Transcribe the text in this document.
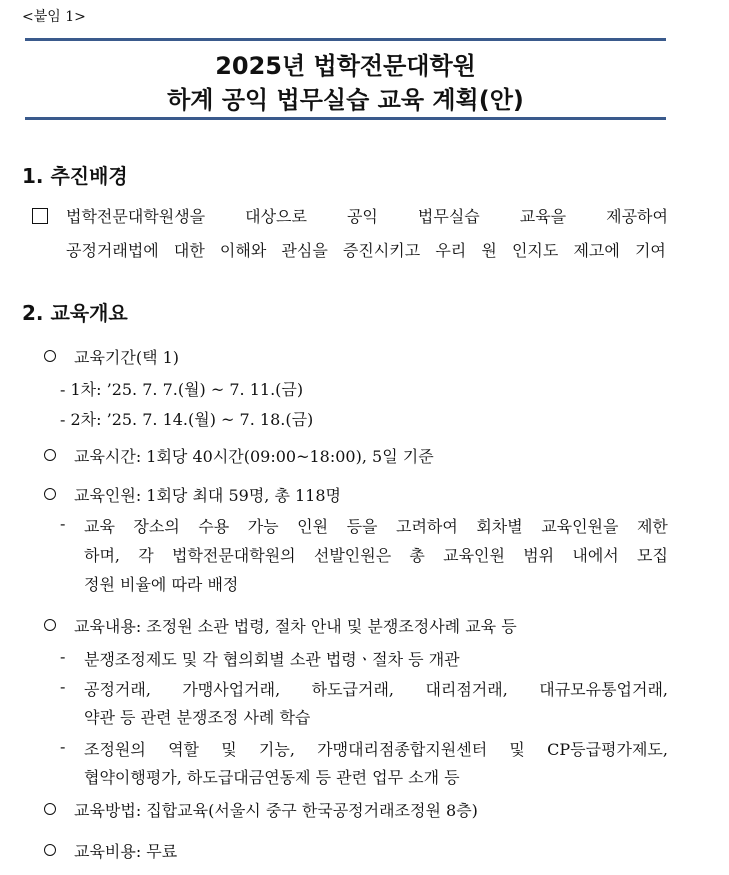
<붙임 1>
2025년 법학전문대학원
하계 공익 법무실습 교육 계획(안)
1. 추진배경
법학전문대학원생을	대상으로	공익	법무실습	교육을	제공하여
공정거래법에 대한 이해와 관심을 증진시키고 우리 원 인지도 제고에 기여
2. 교육개요
교육기간(택 1)
- 1차: ’25. 7. 7.(월) ~ 7. 11.(금)
- 2차: ’25. 7. 14.(월) ~ 7. 18.(금)
교육시간: 1회당 40시간(09:00~18:00), 5일 기준
교육인원: 1회당 최대 59명, 총 118명
- 교육 장소의 수용 가능 인원 등을 고려하여 회차별 교육인원을 제한
하며, 각 법학전문대학원의 선발인원은 총 교육인원 범위 내에서 모집
정원 비율에 따라 배정
교육내용: 조정원 소관 법령, 절차 안내 및 분쟁조정사례 교육 등
- 분쟁조정제도 및 각 협의회별 소관 법령ㆍ절차 등 개관
- 공정거래, 가맹사업거래, 하도급거래, 대리점거래, 대규모유통업거래,
약관 등 관련 분쟁조정 사례 학습
- 조정원의 역할 및 기능, 가맹대리점종합지원센터 및 CP등급평가제도,
협약이행평가, 하도급대금연동제 등 관련 업무 소개 등
교육방법: 집합교육(서울시 중구 한국공정거래조정원 8층)
교육비용: 무료
